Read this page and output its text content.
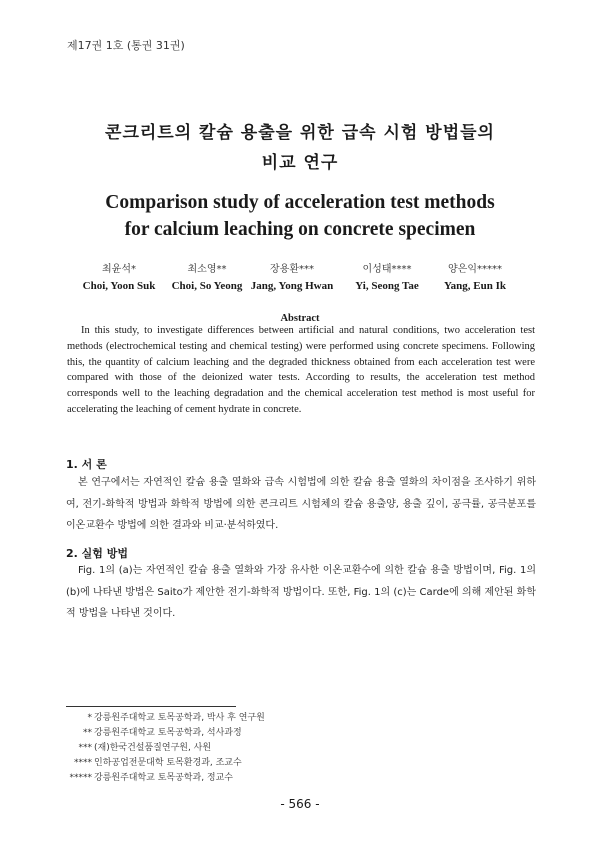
제17권 1호 (통권 31권)
콘크리트의 칼슘 용출을 위한 급속 시험 방법들의
비교 연구
Comparison study of acceleration test methods
for calcium leaching on concrete specimen
최윤석*
Choi, Yoon Suk
최소영**
Choi, So Yeong
장용환***
Jang, Yong Hwan
이성태****
Yi, Seong Tae
양은익*****
Yang, Eun Ik
Abstract

In this study, to investigate differences between artificial and natural conditions, two acceleration test methods (electrochemical testing and chemical testing) were performed using concrete specimens. Following this, the quantity of calcium leaching and the degraded thickness obtained from each acceleration test were compared with those of the deionized water tests. According to results, the acceleration test method corresponds well to the leaching degradation and the chemical acceleration test method is most useful for accelerating the leaching of cement hydrate in concrete.

1. 서 론

본 연구에서는 자연적인 칼슘 용출 열화와 급속 시험법에 의한 칼슘 용출 열화의 차이점을 조사하기 위하여, 전기-화학적 방법과 화학적 방법에 의한 콘크리트 시험체의 칼슘 용출양, 용출 깊이, 공극률, 공극분포를 이온교환수 방법에 의한 결과와 비교·분석하였다.

2. 실험 방법

Fig. 1의 (a)는 자연적인 칼슘 용출 열화와 가장 유사한 이온교환수에 의한 칼슘 용출 방법이며, Fig. 1의 (b)에 나타낸 방법은 Saito가 제안한 전기-화학적 방법이다. 또한, Fig. 1의 (c)는 Carde에 의해 제안된 화학적 방법을 나타낸 것이다.

* 강릉원주대학교 토목공학과, 박사 후 연구원
** 강릉원주대학교 토목공학과, 석사과정
*** (재)한국건설품질연구원, 사원
**** 인하공업전문대학 토목환경과, 조교수
***** 강릉원주대학교 토목공학과, 정교수
- 566 -
